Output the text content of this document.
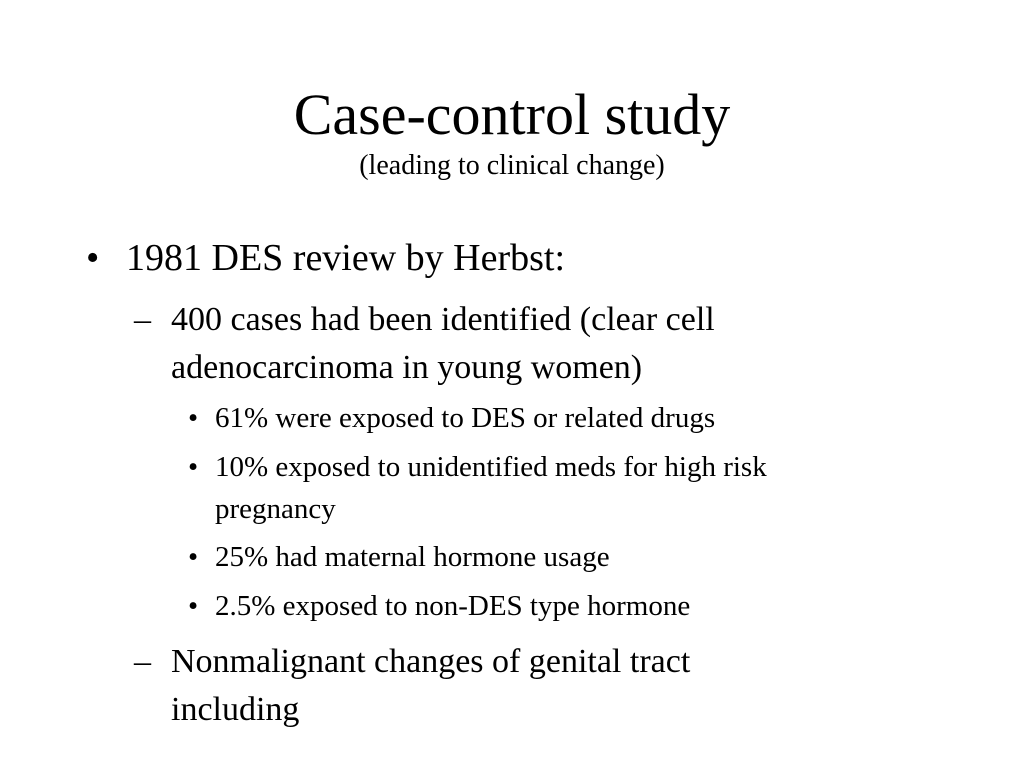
Case-control study
(leading to clinical change)
• 1981 DES review by Herbst:
– 400 cases had been identified (clear cell
adenocarcinoma in young women)
• 61% were exposed to DES or related drugs
• 10% exposed to unidentified meds for high risk
pregnancy
• 25% had maternal hormone usage
• 2.5% exposed to non-DES type hormone
– Nonmalignant changes of genital tract
including
